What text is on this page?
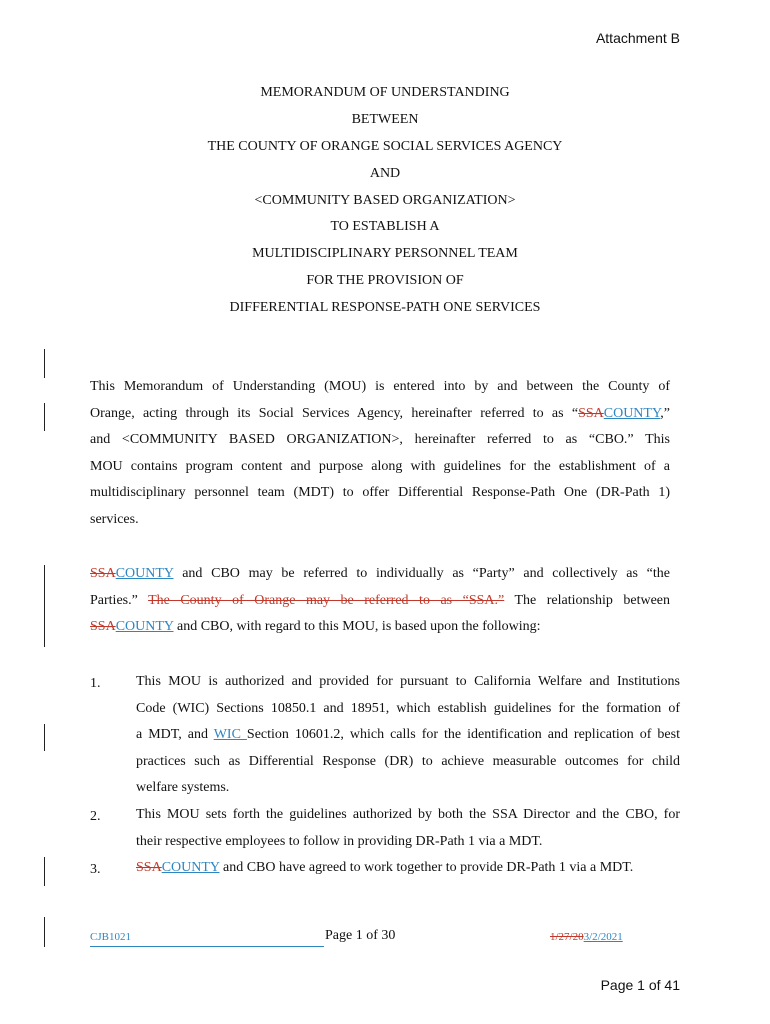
Attachment B
MEMORANDUM OF UNDERSTANDING
BETWEEN
THE COUNTY OF ORANGE SOCIAL SERVICES AGENCY
AND
<COMMUNITY BASED ORGANIZATION>
TO ESTABLISH A
MULTIDISCIPLINARY PERSONNEL TEAM
FOR THE PROVISION OF
DIFFERENTIAL RESPONSE-PATH ONE SERVICES
This Memorandum of Understanding (MOU) is entered into by and between the County of
Orange, acting through its Social Services Agency, hereinafter referred to as “SSACOUNTY,”
and <COMMUNITY BASED ORGANIZATION>, hereinafter referred to as “CBO.” This
MOU contains program content and purpose along with guidelines for the establishment of a
multidisciplinary personnel team (MDT) to offer Differential Response-Path One (DR-Path 1)
services.
SSACOUNTY and CBO may be referred to individually as “Party” and collectively as “the
Parties.” The County of Orange may be referred to as “SSA.” The relationship between
SSACOUNTY and CBO, with regard to this MOU, is based upon the following:
1.	This MOU is authorized and provided for pursuant to California Welfare and Institutions
Code (WIC) Sections 10850.1 and 18951, which establish guidelines for the formation of
a MDT, and WIC Section 10601.2, which calls for the identification and replication of best
practices such as Differential Response (DR) to achieve measurable outcomes for child
welfare systems.
2.	This MOU sets forth the guidelines authorized by both the SSA Director and the CBO, for
their respective employees to follow in providing DR-Path 1 via a MDT.
3.	SSACOUNTY and CBO have agreed to work together to provide DR-Path 1 via a MDT.
CJB1021	Page 1 of 30	1/27/203/2/2021
Page 1 of 41
